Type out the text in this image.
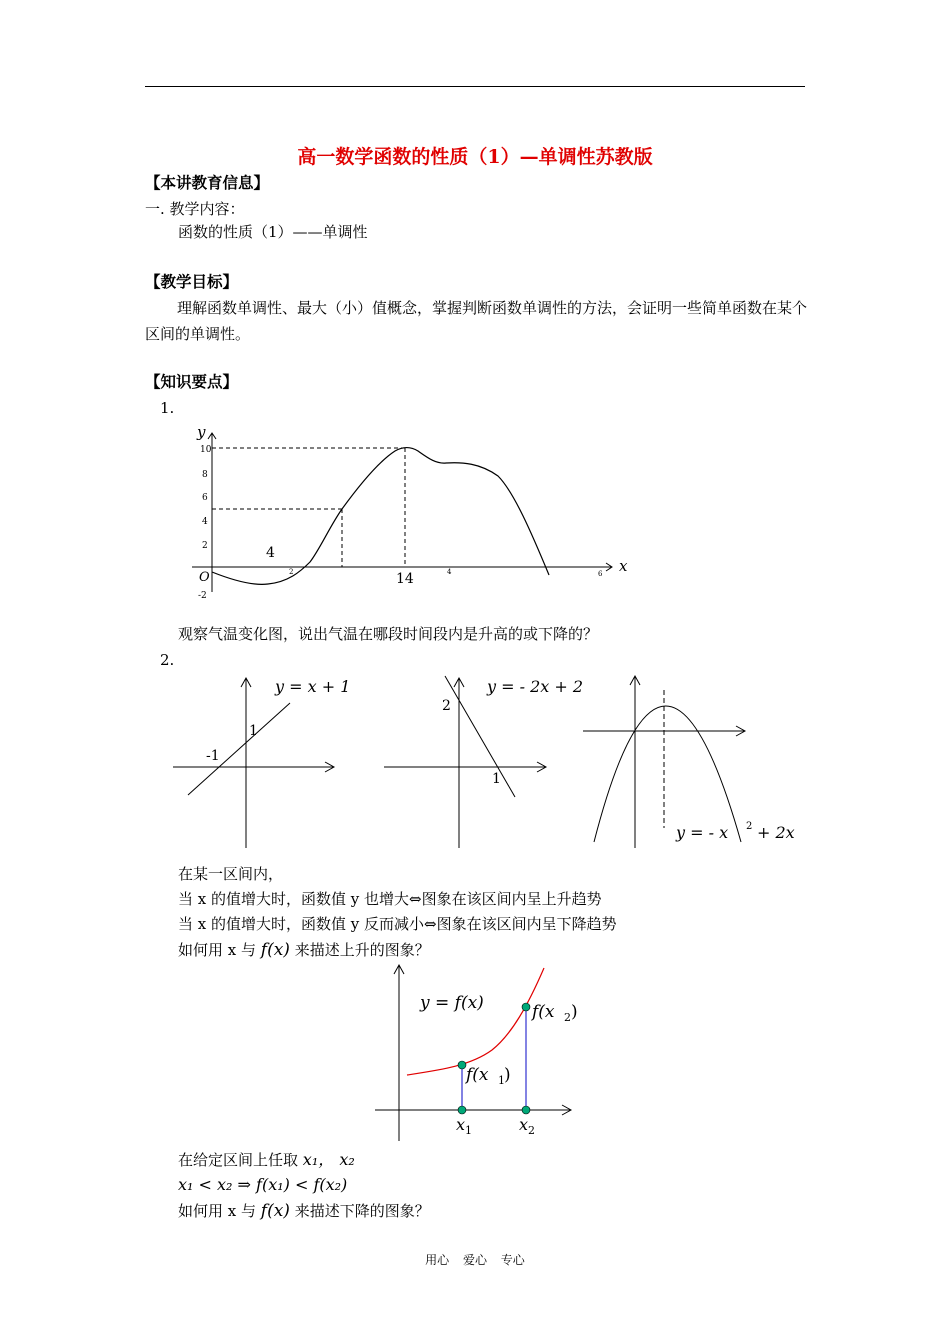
高一数学函数的性质（1）—单调性苏教版
【本讲教育信息】
一. 教学内容：
函数的性质（1）——单调性
【教学目标】
理解函数单调性、最大（小）值概念，掌握判断函数单调性的方法，会证明一些简单函数在某个区间的单调性。
【知识要点】
1.
y
x
O
10
8
6
4
2
-2
2	4	6
4
14
观察气温变化图，说出气温在哪段时间段内是升高的或下降的？
2.
y = x + 1
1
-1
y = - 2x + 2
2
1
y = - x 2 + 2x
在某一区间内，
当 x 的值增大时，函数值 y 也增大⇔图象在该区间内呈上升趋势
当 x 的值增大时，函数值 y 反而减小⇔图象在该区间内呈下降趋势
如何用 x 与 f(x) 来描述上升的图象？
y = f(x)	f(x 2 )
f(x 1 )
x 1	x 2
在给定区间上任取 x₁， x₂
x₁ < x₂ ⇒ f(x₁) < f(x₂)
如何用 x 与 f(x) 来描述下降的图象？
用心 爱心 专心
